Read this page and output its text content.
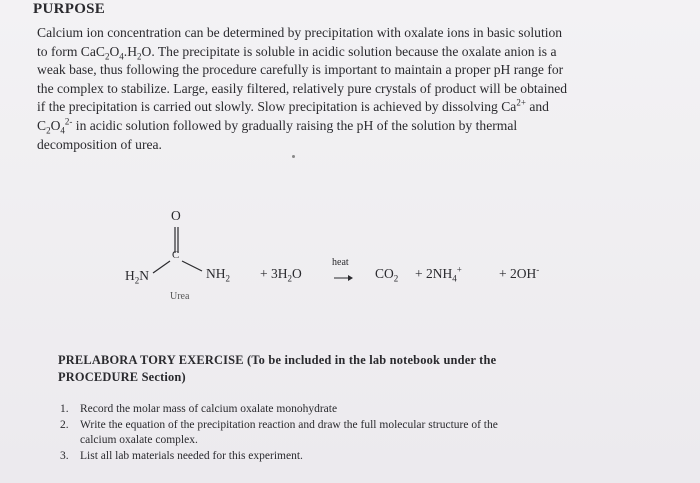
PURPOSE
Calcium ion concentration can be determined by precipitation with oxalate ions in basic solution
to form $CaC_2O_4.H_2O$. The precipitate is soluble in acidic solution because the oxalate anion is a
weak base, thus following the procedure carefully is important to maintain a proper pH range for
the complex to stabilize. Large, easily filtered, relatively pure crystals of product will be obtained
if the precipitation is carried out slowly. Slow precipitation is achieved by dissolving $Ca^{2+}$ and
$C_2O_4^{2-}$ in acidic solution followed by gradually raising the pH of the solution by thermal
decomposition of urea.
O
C
$H_2N$	$NH_2$
Urea
+ $3H_2O$
heat
$CO_2 + 2NH_4^+$	+ 2OH-
PRELABORA TORY EXERCISE (To be included in the lab notebook under the
PROCEDURE Section)
1. Record the molar mass of calcium oxalate monohydrate
2. Write the equation of the precipitation reaction and draw the full molecular structure of the
calcium oxalate complex.
3. List all lab materials needed for this experiment.
